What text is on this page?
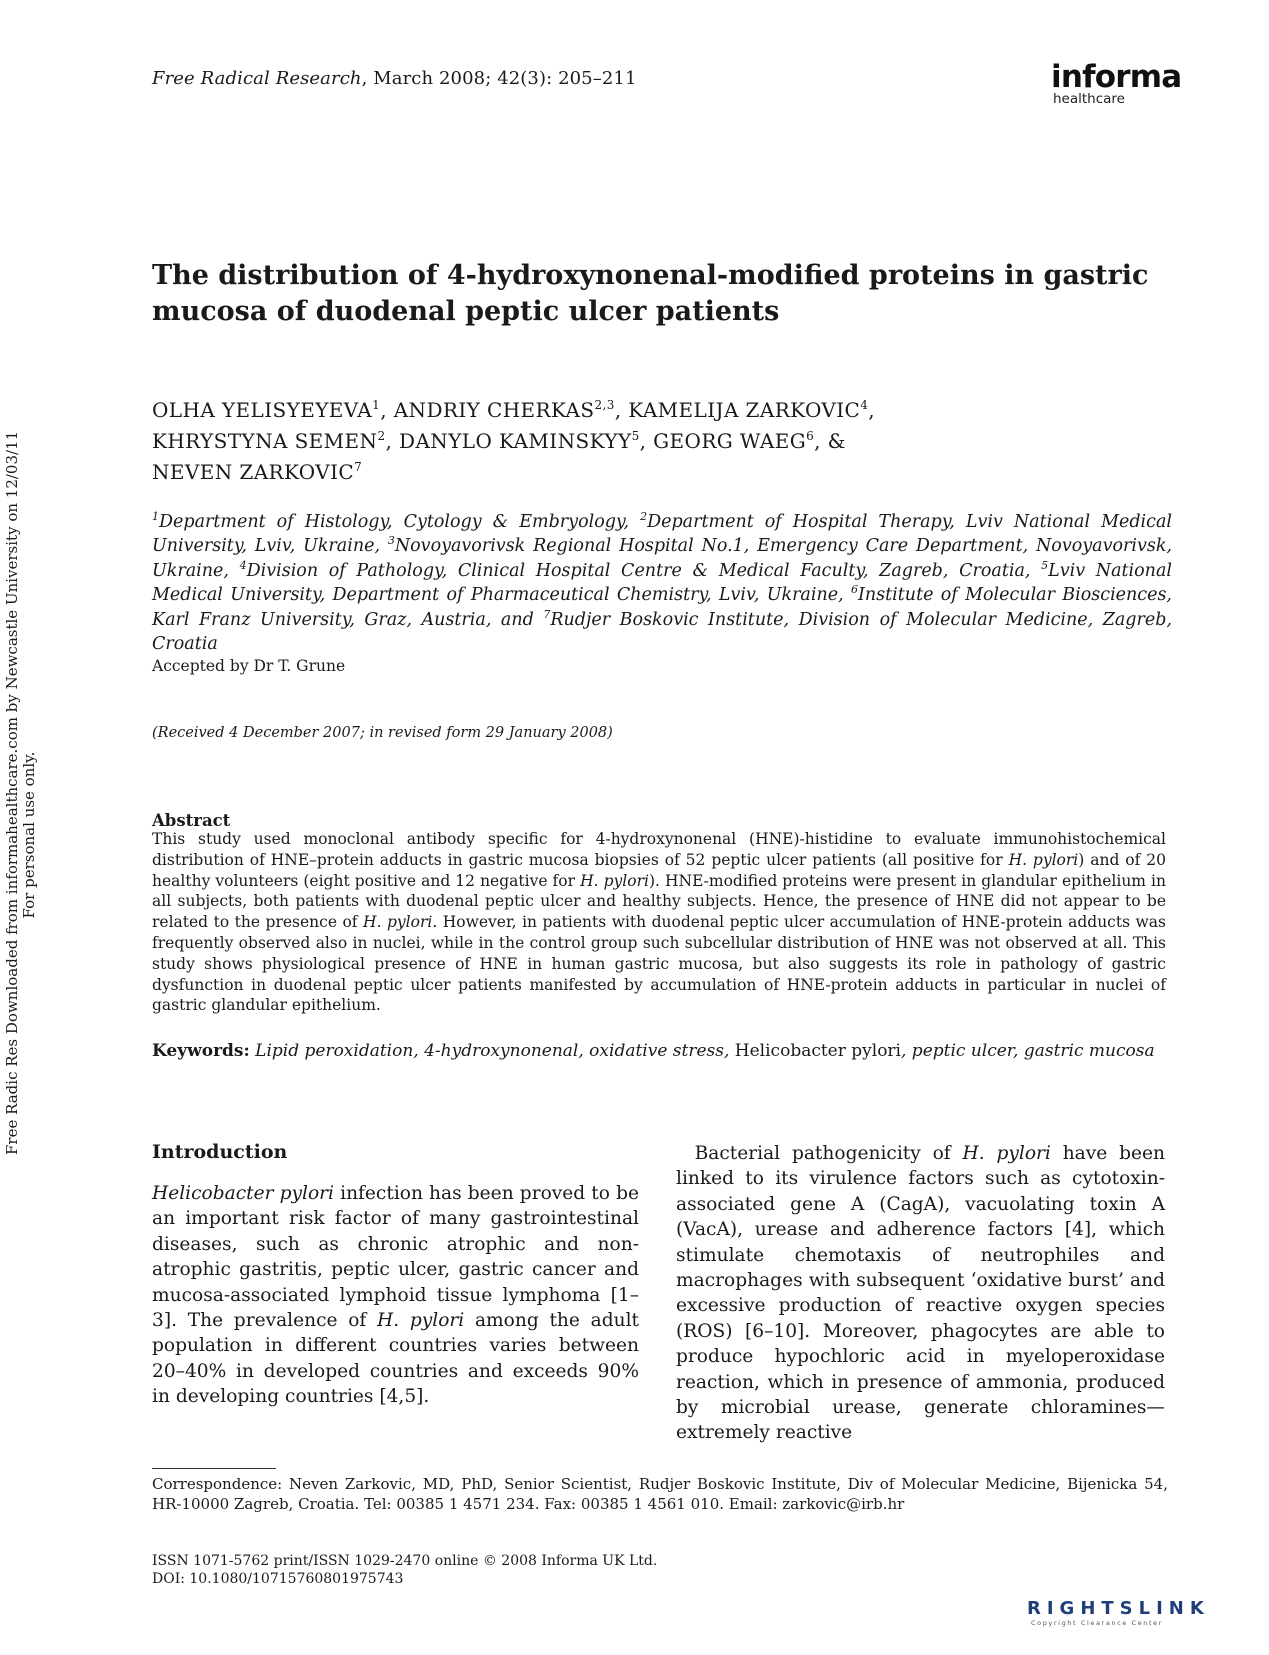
Free Radical Research, March 2008; 42(3): 205–211	informa
healthcare
The distribution of 4-hydroxynonenal-modified proteins in gastric
mucosa of duodenal peptic ulcer patients
OLHA YELISYEYEVA$^1$, ANDRIY CHERKAS$^{2,3}$, KAMELIJA ZARKOVIC$^4$,
KHRYSTYNA SEMEN$^2$, DANYLO KAMINSKYY$^5$, GEORG WAEG$^6$, &
NEVEN ZARKOVIC$^7$
$^1$Department of Histology, Cytology & Embryology, $^2$Department of Hospital Therapy, Lviv National Medical University, Lviv, Ukraine, $^3$Novoyavorivsk Regional Hospital No.1, Emergency Care Department, Novoyavorivsk, Ukraine, $^4$Division of Pathology, Clinical Hospital Centre & Medical Faculty, Zagreb, Croatia, $^5$Lviv National Medical University, Department of Pharmaceutical Chemistry, Lviv, Ukraine, $^6$Institute of Molecular Biosciences, Karl Franz University, Graz, Austria, and $^7$Rudjer Boskovic Institute, Division of Molecular Medicine, Zagreb, Croatia
Accepted by Dr T. Grune
(Received 4 December 2007; in revised form 29 January 2008)
Abstract
This study used monoclonal antibody specific for 4-hydroxynonenal (HNE)-histidine to evaluate immunohistochemical distribution of HNE–protein adducts in gastric mucosa biopsies of 52 peptic ulcer patients (all positive for H. pylori) and of 20 healthy volunteers (eight positive and 12 negative for H. pylori). HNE-modified proteins were present in glandular epithelium in all subjects, both patients with duodenal peptic ulcer and healthy subjects. Hence, the presence of HNE did not appear to be related to the presence of H. pylori. However, in patients with duodenal peptic ulcer accumulation of HNE-protein adducts was frequently observed also in nuclei, while in the control group such subcellular distribution of HNE was not observed at all. This study shows physiological presence of HNE in human gastric mucosa, but also suggests its role in pathology of gastric dysfunction in duodenal peptic ulcer patients manifested by accumulation of HNE-protein adducts in particular in nuclei of gastric glandular epithelium.
Keywords: Lipid peroxidation, 4-hydroxynonenal, oxidative stress, Helicobacter pylori, peptic ulcer, gastric mucosa
Introduction
Helicobacter pylori infection has been proved to be an important risk factor of many gastrointestinal diseases, such as chronic atrophic and non-atrophic gastritis, peptic ulcer, gastric cancer and mucosa-associated lymphoid tissue lymphoma [1–3]. The prevalence of H. pylori among the adult population in different countries varies between 20–40% in developed countries and exceeds 90% in developing countries [4,5].
 Bacterial pathogenicity of H. pylori have been linked to its virulence factors such as cytotoxin-associated gene A (CagA), vacuolating toxin A (VacA), urease and adherence factors [4], which stimulate chemotaxis of neutrophiles and macrophages with subsequent ‘oxidative burst’ and excessive production of reactive oxygen species (ROS) [6–10]. Moreover, phagocytes are able to produce hypochloric acid in myeloperoxidase reaction, which in presence of ammonia, produced by microbial urease, generate chloramines—extremely reactive
Correspondence: Neven Zarkovic, MD, PhD, Senior Scientist, Rudjer Boskovic Institute, Div of Molecular Medicine, Bijenicka 54, HR-10000 Zagreb, Croatia. Tel: 00385 1 4571 234. Fax: 00385 1 4561 010. Email: zarkovic@irb.hr
ISSN 1071-5762 print/ISSN 1029-2470 online © 2008 Informa UK Ltd.
DOI: 10.1080/10715760801975743
Free Radic Res Downloaded from informahealthcare.com by Newcastle University on 12/03/11 For personal use only.
RIGHTSLINK
Copyright Clearance Center
